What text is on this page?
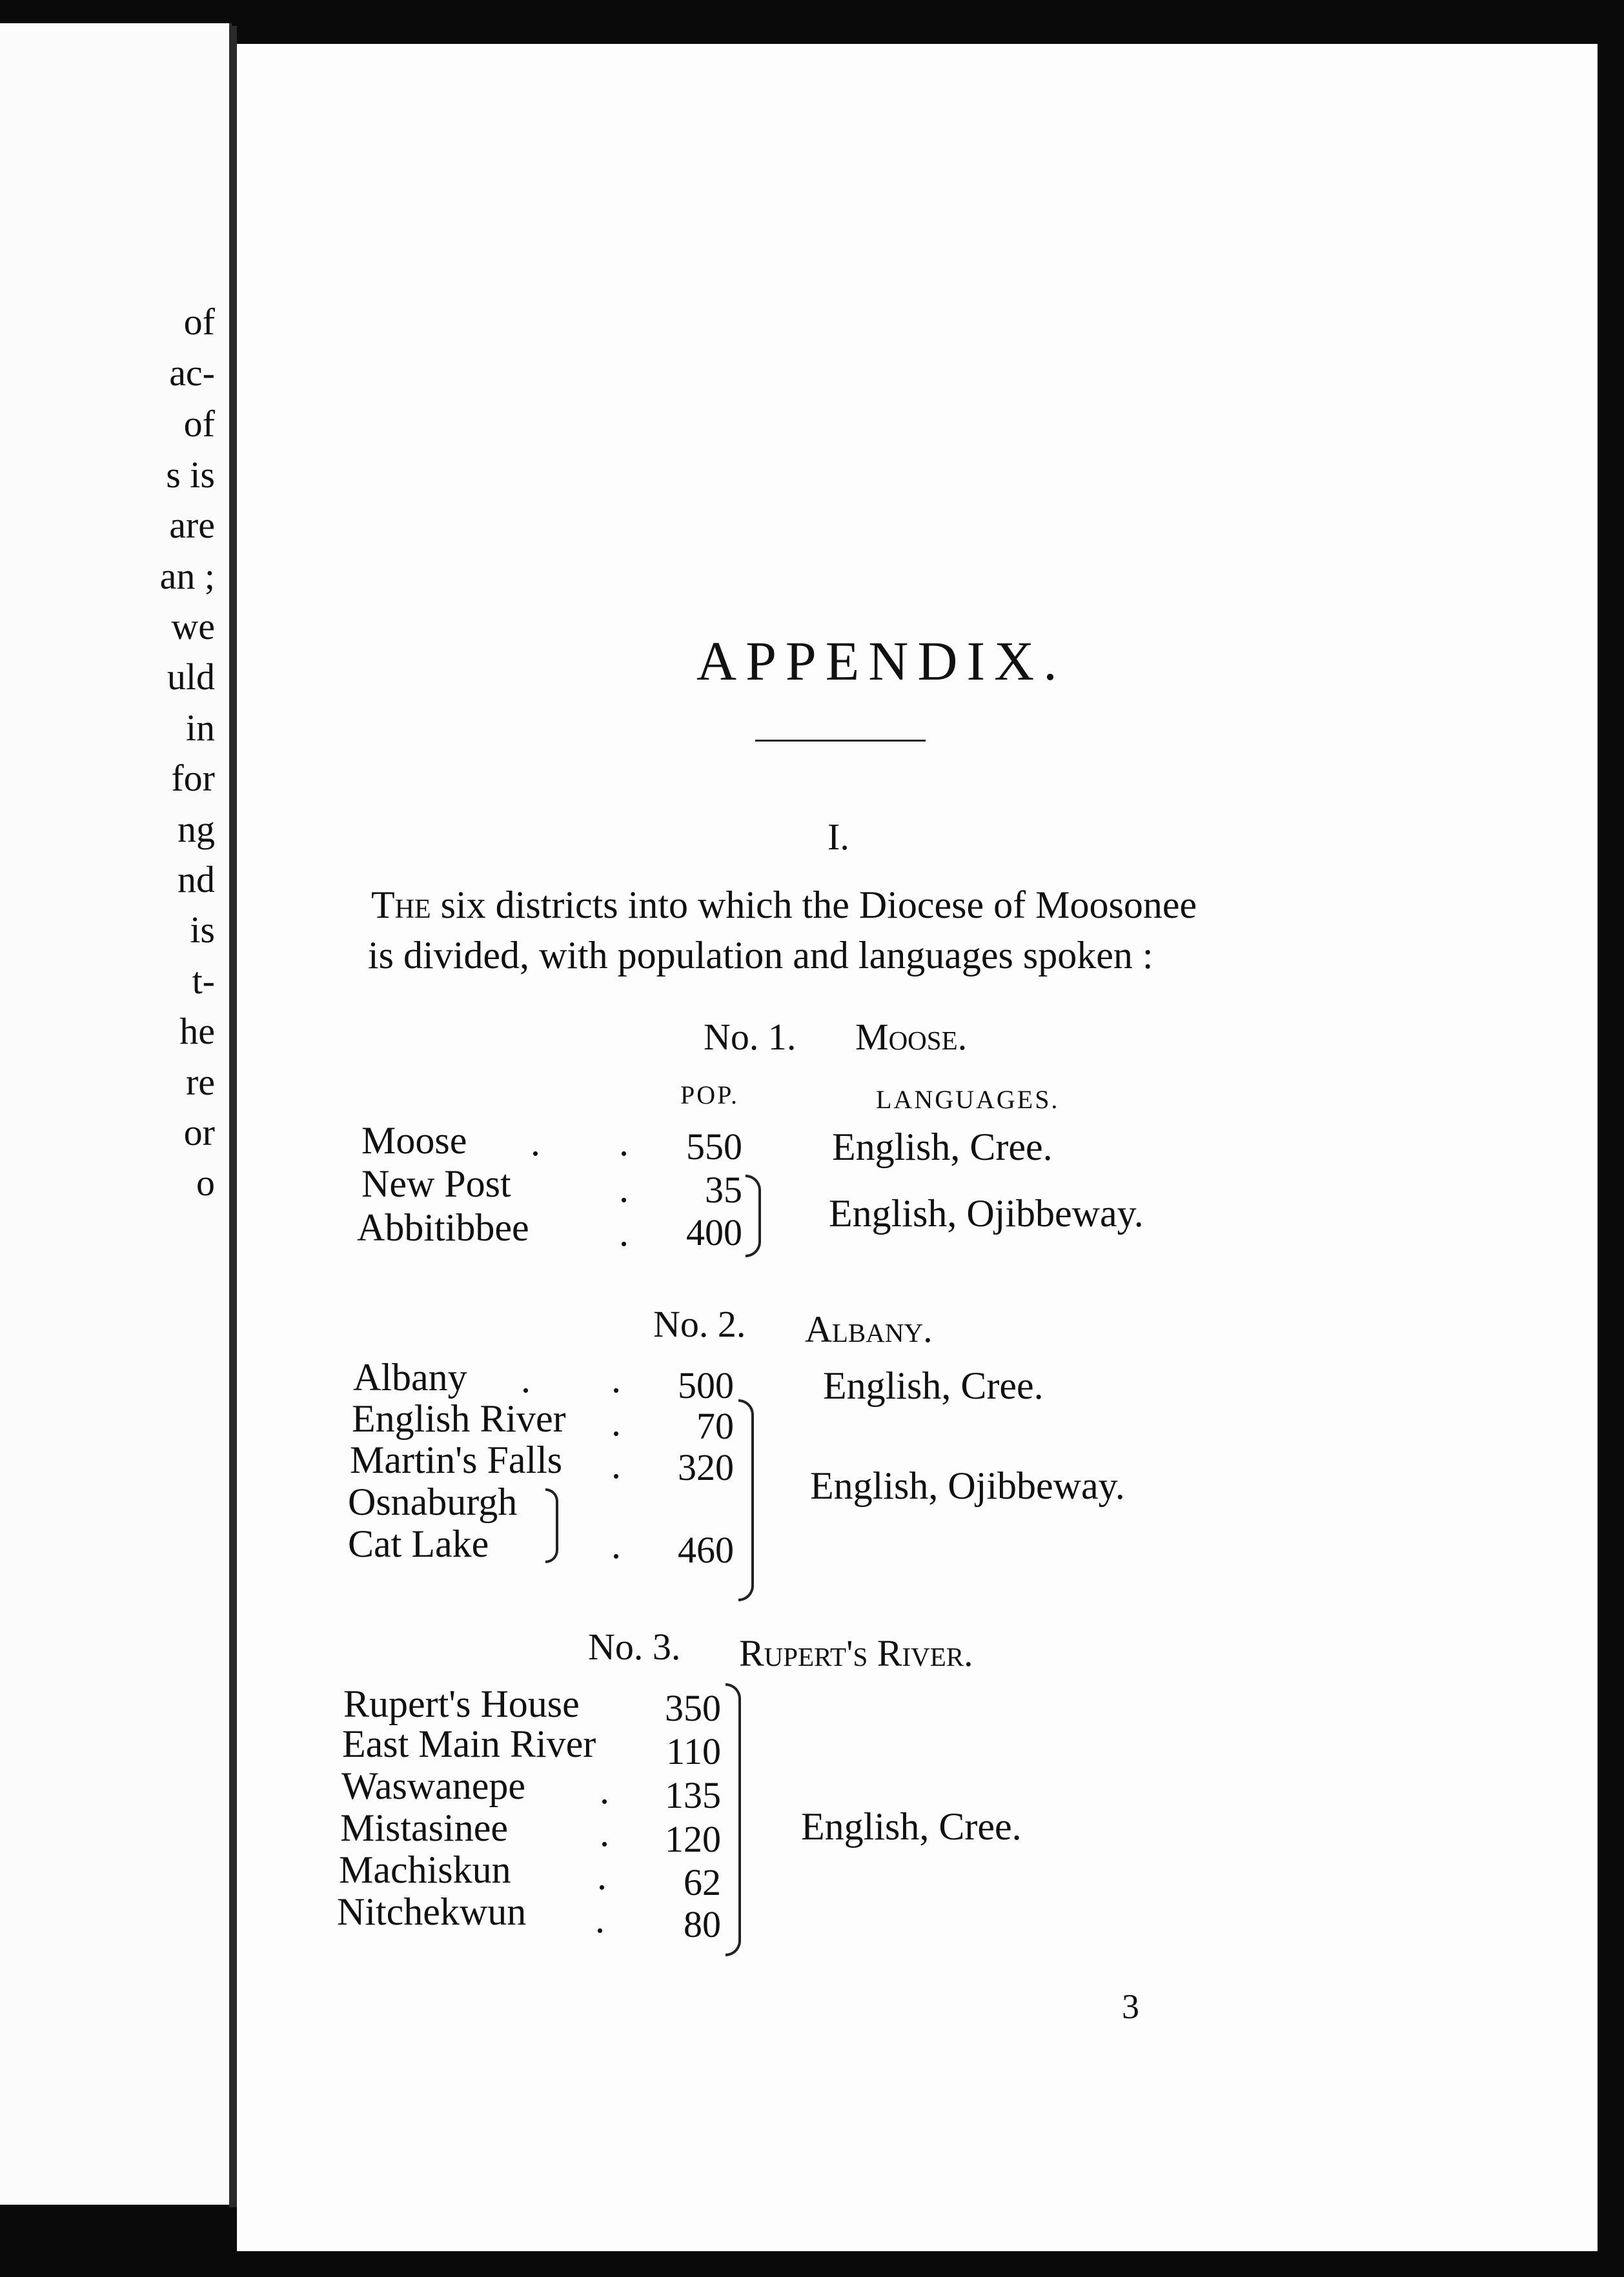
of
ac-
of
s is
are
an ;
we
uld
in
for
ng
nd
is
t-
he
re
or
o
APPENDIX.
I.
The six districts into which the Diocese of Moosonee
is divided, with population and languages spoken :
No. 1. Moose.
POP.	LANGUAGES.
Moose . .	550 English, Cree.
New Post	.	35
Abbitibbee .	400 English, Ojibbeway.
No. 2. Albany.
Albany . .	500 English, Cree.
English River .	70
Martin's Falls .	320
Osnaburgh
Cat Lake	.	460
English, Ojibbeway.
No. 3. Rupert's River.
Rupert's House	350
East Main River	110
Waswanepe .	135
Mistasinee .	120
Machiskun .	62
Nitchekwun .	80
English, Cree.
3
